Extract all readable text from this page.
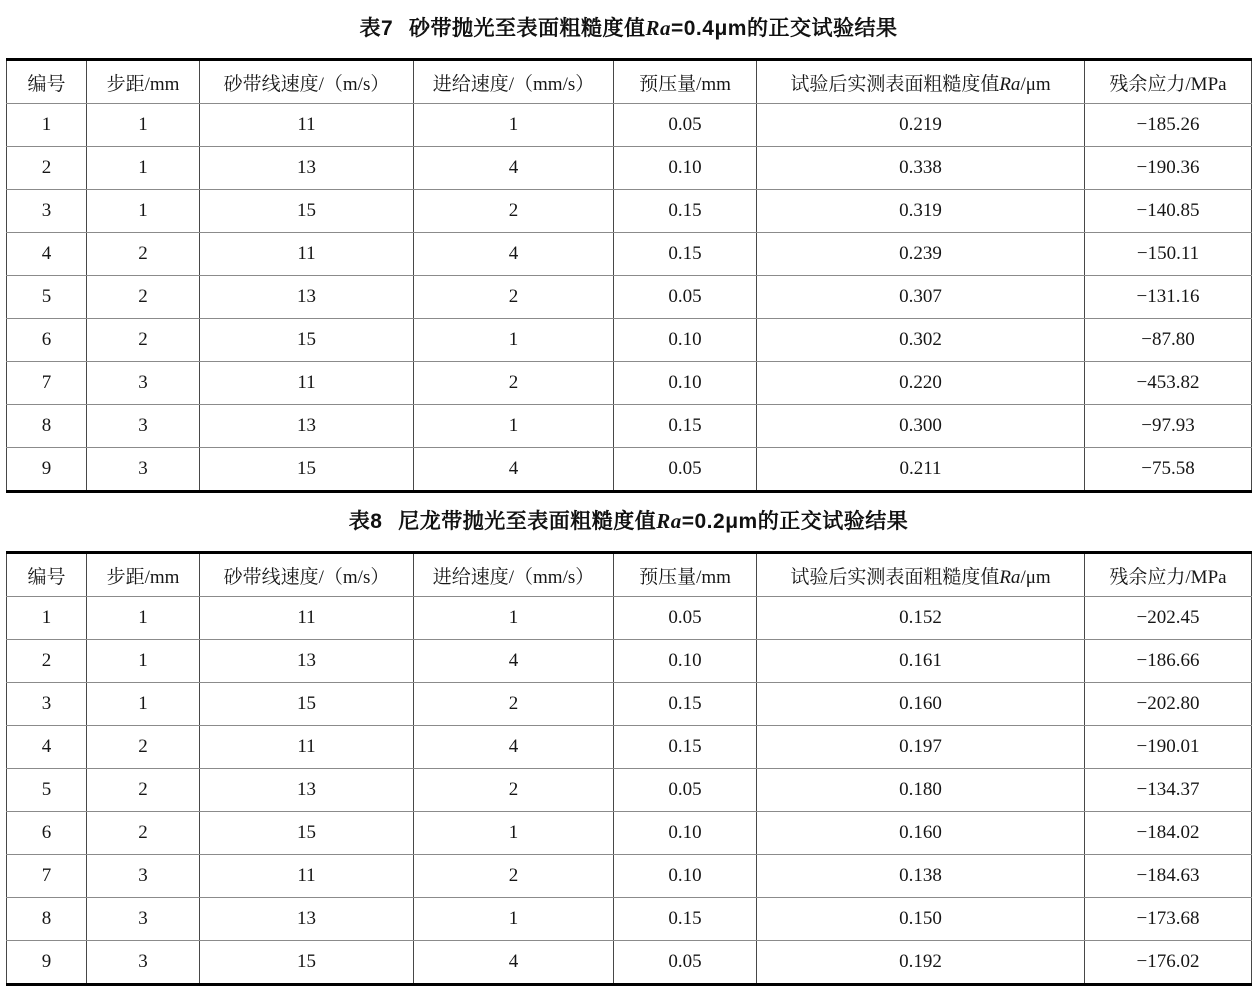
表7 砂带抛光至表面粗糙度值Ra=0.4μm的正交试验结果
编号	步距/mm	砂带线速度/（m/s）	进给速度/（mm/s）	预压量/mm	试验后实测表面粗糙度值Ra/μm	残余应力/MPa
1	1	11	1	0.05	0.219	−185.26
2	1	13	4	0.10	0.338	−190.36
3	1	15	2	0.15	0.319	−140.85
4	2	11	4	0.15	0.239	−150.11
5	2	13	2	0.05	0.307	−131.16
6	2	15	1	0.10	0.302	−87.80
7	3	11	2	0.10	0.220	−453.82
8	3	13	1	0.15	0.300	−97.93
9	3	15	4	0.05	0.211	−75.58
表8 尼龙带抛光至表面粗糙度值Ra=0.2μm的正交试验结果
编号	步距/mm	砂带线速度/（m/s）	进给速度/（mm/s）	预压量/mm	试验后实测表面粗糙度值Ra/μm	残余应力/MPa
1	1	11	1	0.05	0.152	−202.45
2	1	13	4	0.10	0.161	−186.66
3	1	15	2	0.15	0.160	−202.80
4	2	11	4	0.15	0.197	−190.01
5	2	13	2	0.05	0.180	−134.37
6	2	15	1	0.10	0.160	−184.02
7	3	11	2	0.10	0.138	−184.63
8	3	13	1	0.15	0.150	−173.68
9	3	15	4	0.05	0.192	−176.02
